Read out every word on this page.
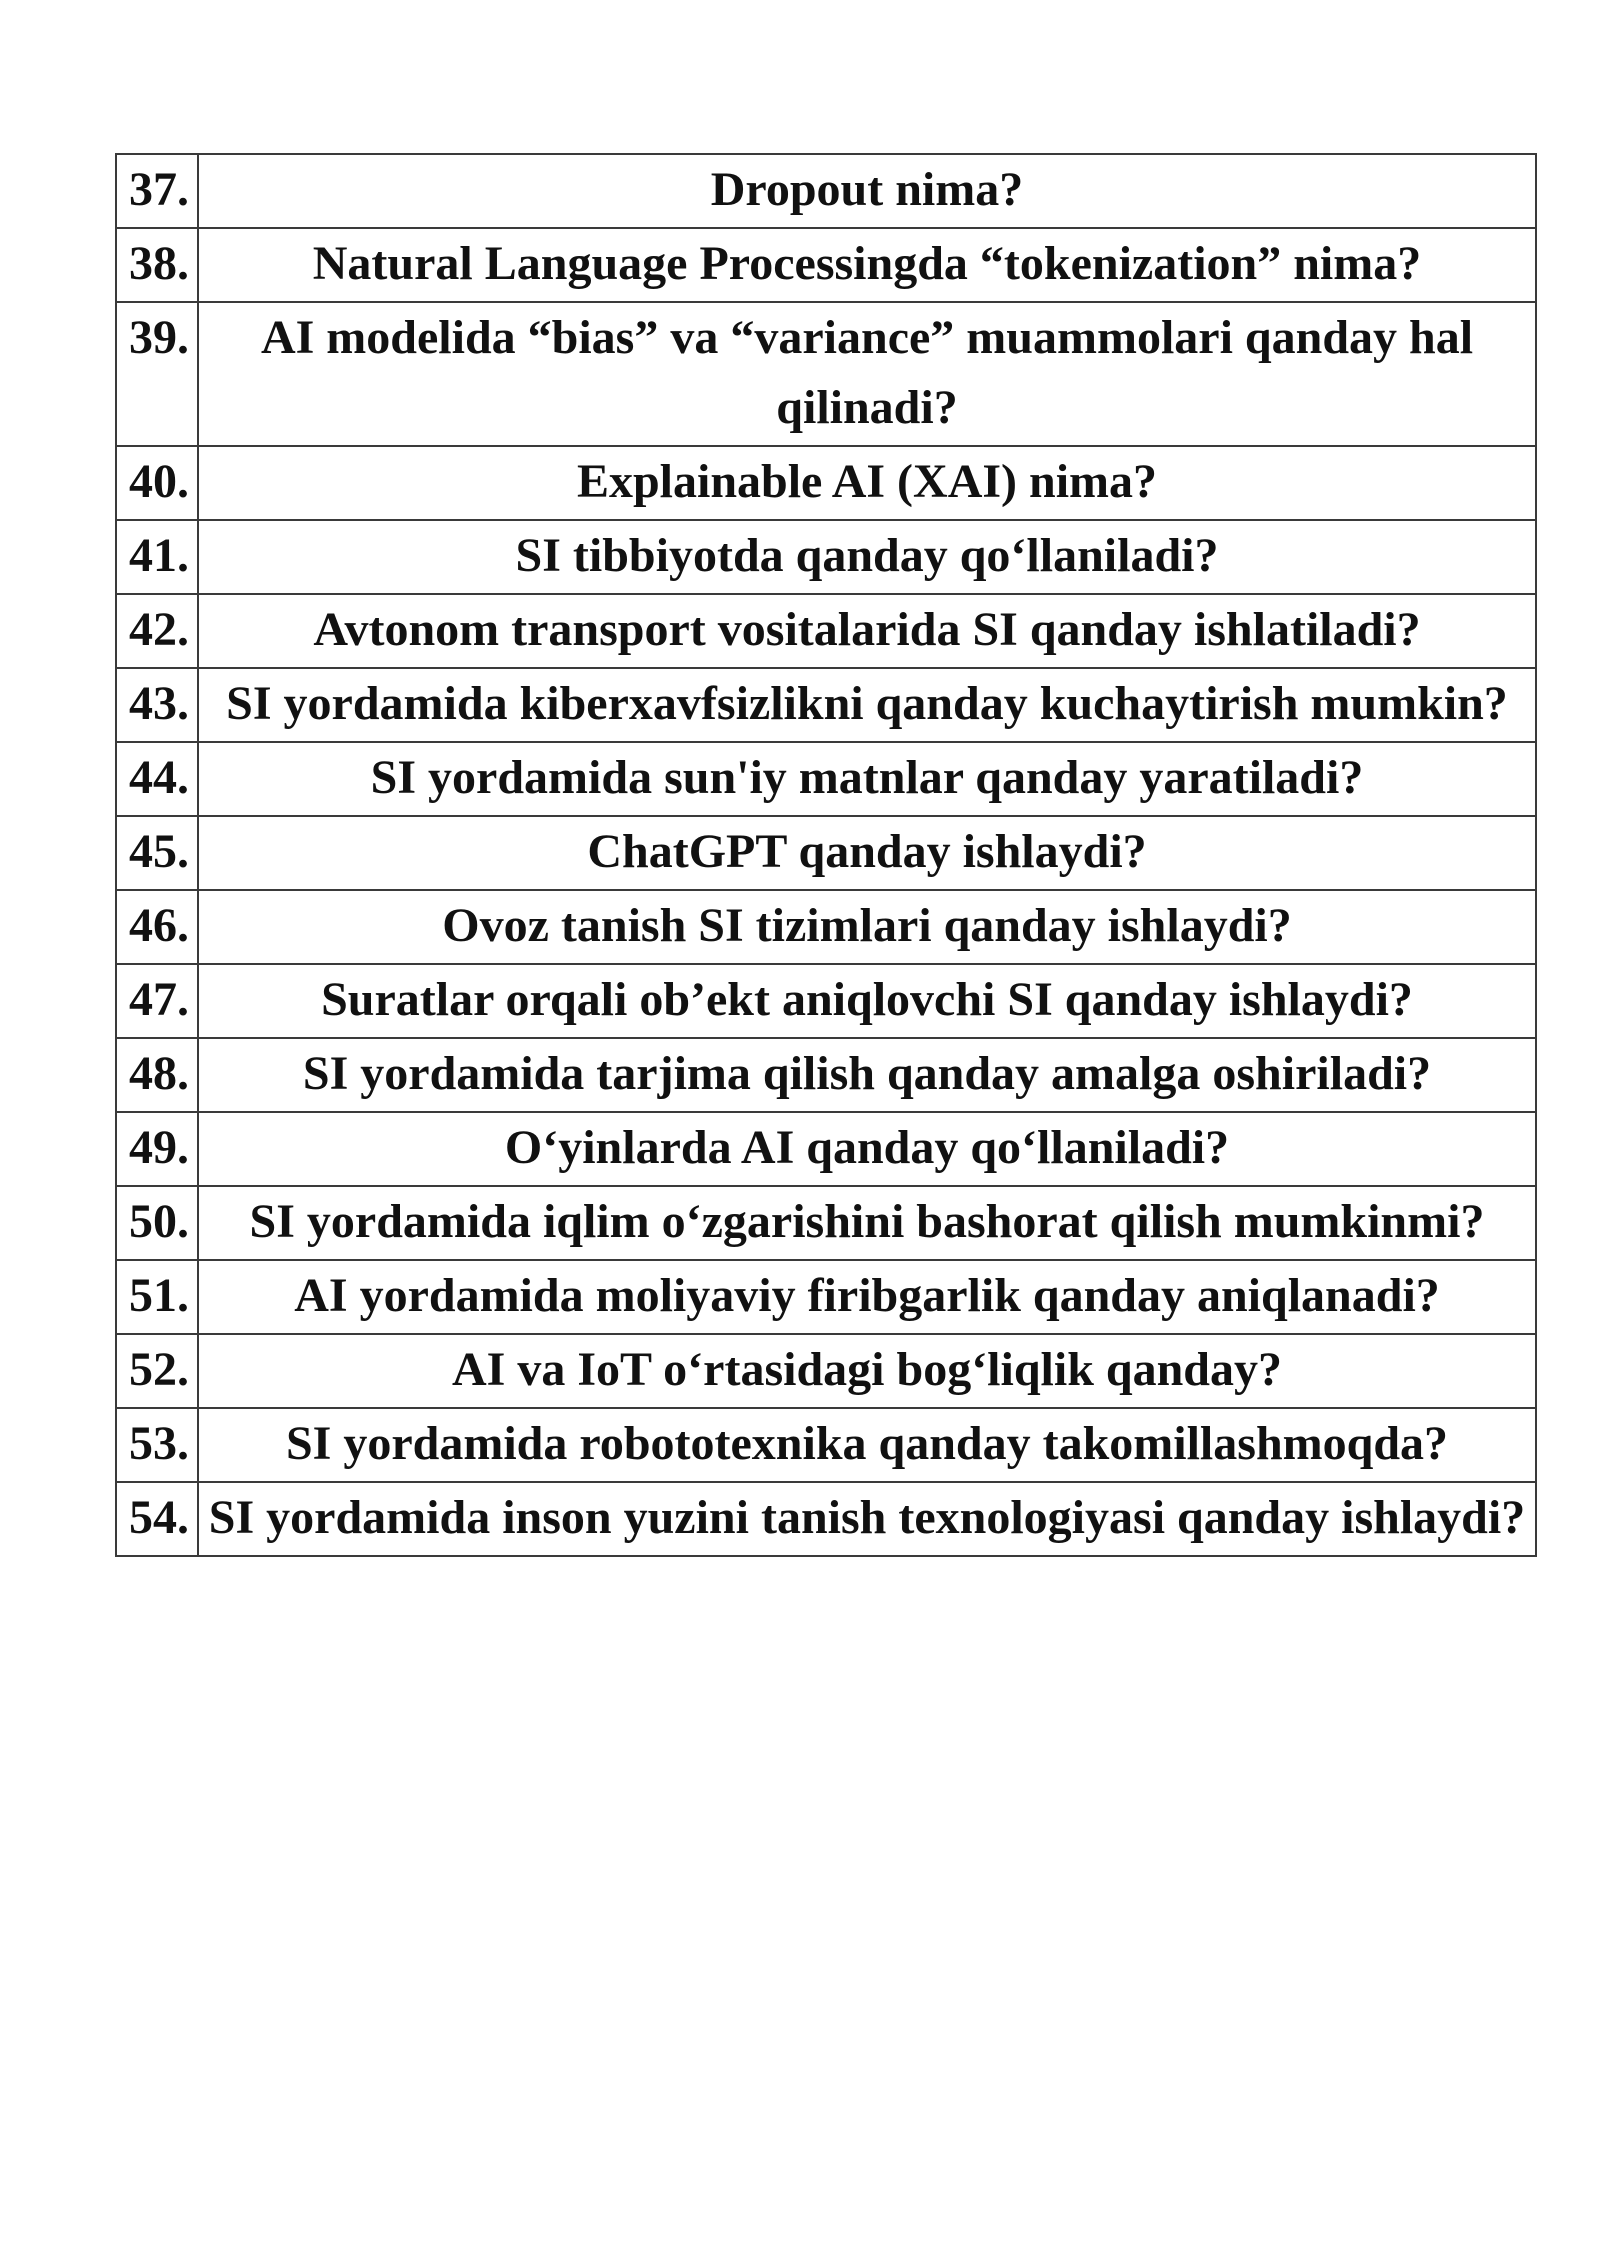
37.	Dropout nima?
38.	Natural Language Processingda “tokenization” nima?
39.	AI modelida “bias” va “variance” muammolari qanday hal qilinadi?
40.	Explainable AI (XAI) nima?
41.	SI tibbiyotda qanday qo‘llaniladi?
42.	Avtonom transport vositalarida SI qanday ishlatiladi?
43.	SI yordamida kiberxavfsizlikni qanday kuchaytirish mumkin?
44.	SI yordamida sun'iy matnlar qanday yaratiladi?
45.	ChatGPT qanday ishlaydi?
46.	Ovoz tanish SI tizimlari qanday ishlaydi?
47.	Suratlar orqali ob’ekt aniqlovchi SI qanday ishlaydi?
48.	SI yordamida tarjima qilish qanday amalga oshiriladi?
49.	O‘yinlarda AI qanday qo‘llaniladi?
50.	SI yordamida iqlim o‘zgarishini bashorat qilish mumkinmi?
51.	AI yordamida moliyaviy firibgarlik qanday aniqlanadi?
52.	AI va IoT o‘rtasidagi bog‘liqlik qanday?
53.	SI yordamida robototexnika qanday takomillashmoqda?
54.	SI yordamida inson yuzini tanish texnologiyasi qanday ishlaydi?
